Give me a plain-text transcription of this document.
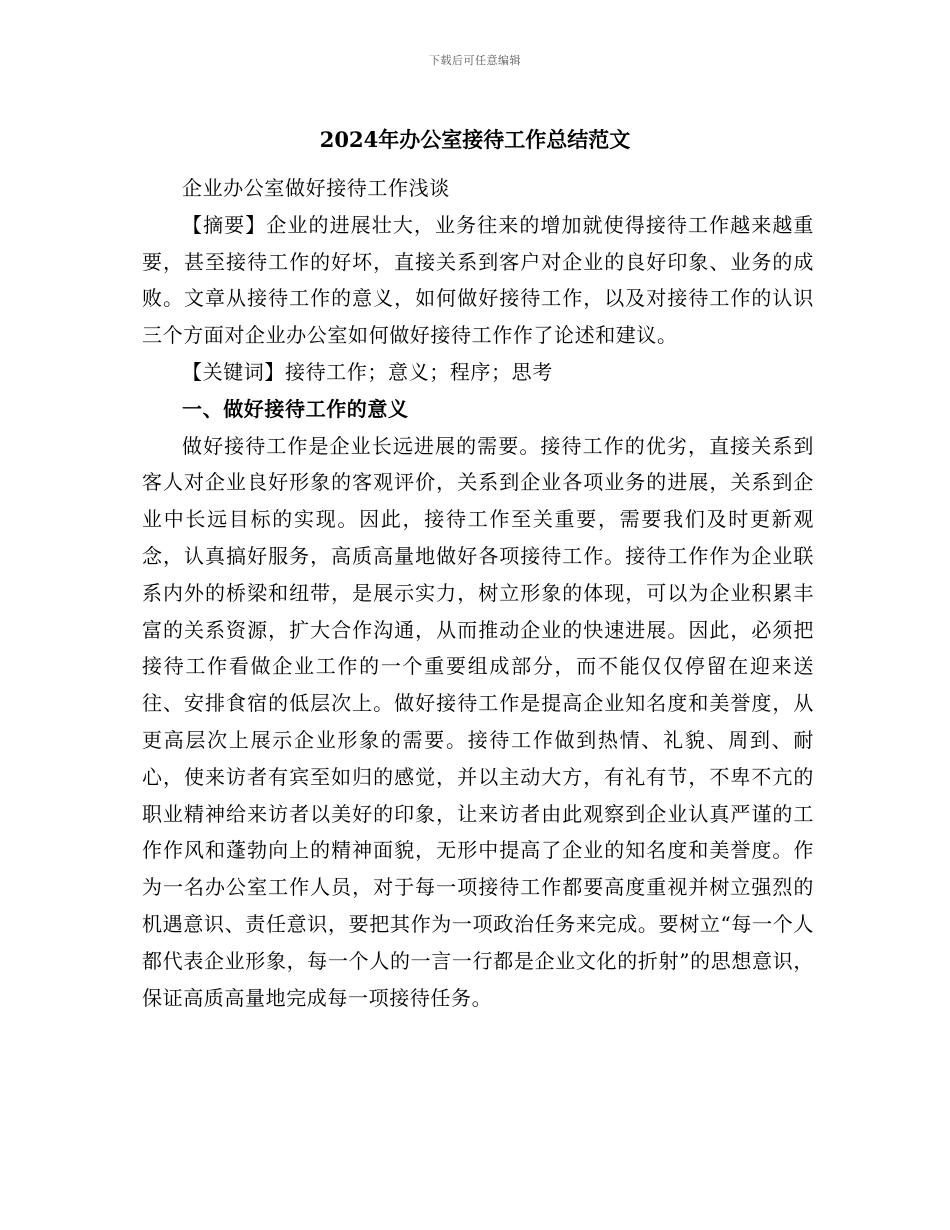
下载后可任意编辑
2024年办公室接待工作总结范文

企业办公室做好接待工作浅谈

【摘要】企业的进展壮大，业务往来的增加就使得接待工作越来越重要，甚至接待工作的好坏，直接关系到客户对企业的良好印象、业务的成败。文章从接待工作的意义，如何做好接待工作，以及对接待工作的认识三个方面对企业办公室如何做好接待工作作了论述和建议。

【关键词】接待工作；意义；程序；思考

一、做好接待工作的意义

做好接待工作是企业长远进展的需要。接待工作的优劣，直接关系到客人对企业良好形象的客观评价，关系到企业各项业务的进展，关系到企业中长远目标的实现。因此，接待工作至关重要，需要我们及时更新观念，认真搞好服务，高质高量地做好各项接待工作。接待工作作为企业联系内外的桥梁和纽带，是展示实力，树立形象的体现，可以为企业积累丰富的关系资源，扩大合作沟通，从而推动企业的快速进展。因此，必须把接待工作看做企业工作的一个重要组成部分，而不能仅仅停留在迎来送往、安排食宿的低层次上。做好接待工作是提高企业知名度和美誉度，从更高层次上展示企业形象的需要。接待工作做到热情、礼貌、周到、耐心，使来访者有宾至如归的感觉，并以主动大方，有礼有节，不卑不亢的职业精神给来访者以美好的印象，让来访者由此观察到企业认真严谨的工作作风和蓬勃向上的精神面貌，无形中提高了企业的知名度和美誉度。作为一名办公室工作人员，对于每一项接待工作都要高度重视并树立强烈的机遇意识、责任意识，要把其作为一项政治任务来完成。要树立“每一个人都代表企业形象，每一个人的一言一行都是企业文化的折射”的思想意识，保证高质高量地完成每一项接待任务。
